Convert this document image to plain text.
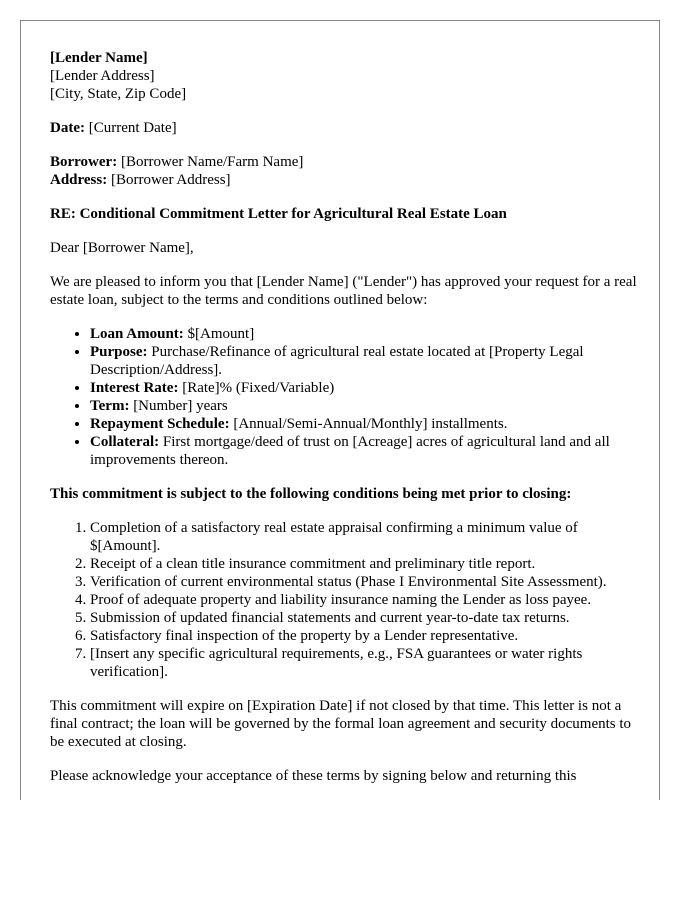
[Lender Name]
[Lender Address]
[City, State, Zip Code]
Date: [Current Date]
Borrower: [Borrower Name/Farm Name]
Address: [Borrower Address]

RE: Conditional Commitment Letter for Agricultural Real Estate Loan

Dear [Borrower Name],

We are pleased to inform you that [Lender Name] ("Lender") has approved your request for a real estate loan, subject to the terms and conditions outlined below:

• Loan Amount: $[Amount]
• Purpose: Purchase/Refinance of agricultural real estate located at [Property Legal Description/Address].
• Interest Rate: [Rate]% (Fixed/Variable)
• Term: [Number] years
• Repayment Schedule: [Annual/Semi-Annual/Monthly] installments.
• Collateral: First mortgage/deed of trust on [Acreage] acres of agricultural land and all improvements thereon.

This commitment is subject to the following conditions being met prior to closing:

1. Completion of a satisfactory real estate appraisal confirming a minimum value of $[Amount].
2. Receipt of a clean title insurance commitment and preliminary title report.
3. Verification of current environmental status (Phase I Environmental Site Assessment).
4. Proof of adequate property and liability insurance naming the Lender as loss payee.
5. Submission of updated financial statements and current year-to-date tax returns.
6. Satisfactory final inspection of the property by a Lender representative.
7. [Insert any specific agricultural requirements, e.g., FSA guarantees or water rights verification].

This commitment will expire on [Expiration Date] if not closed by that time. This letter is not a final contract; the loan will be governed by the formal loan agreement and security documents to be executed at closing.

Please acknowledge your acceptance of these terms by signing below and returning this
